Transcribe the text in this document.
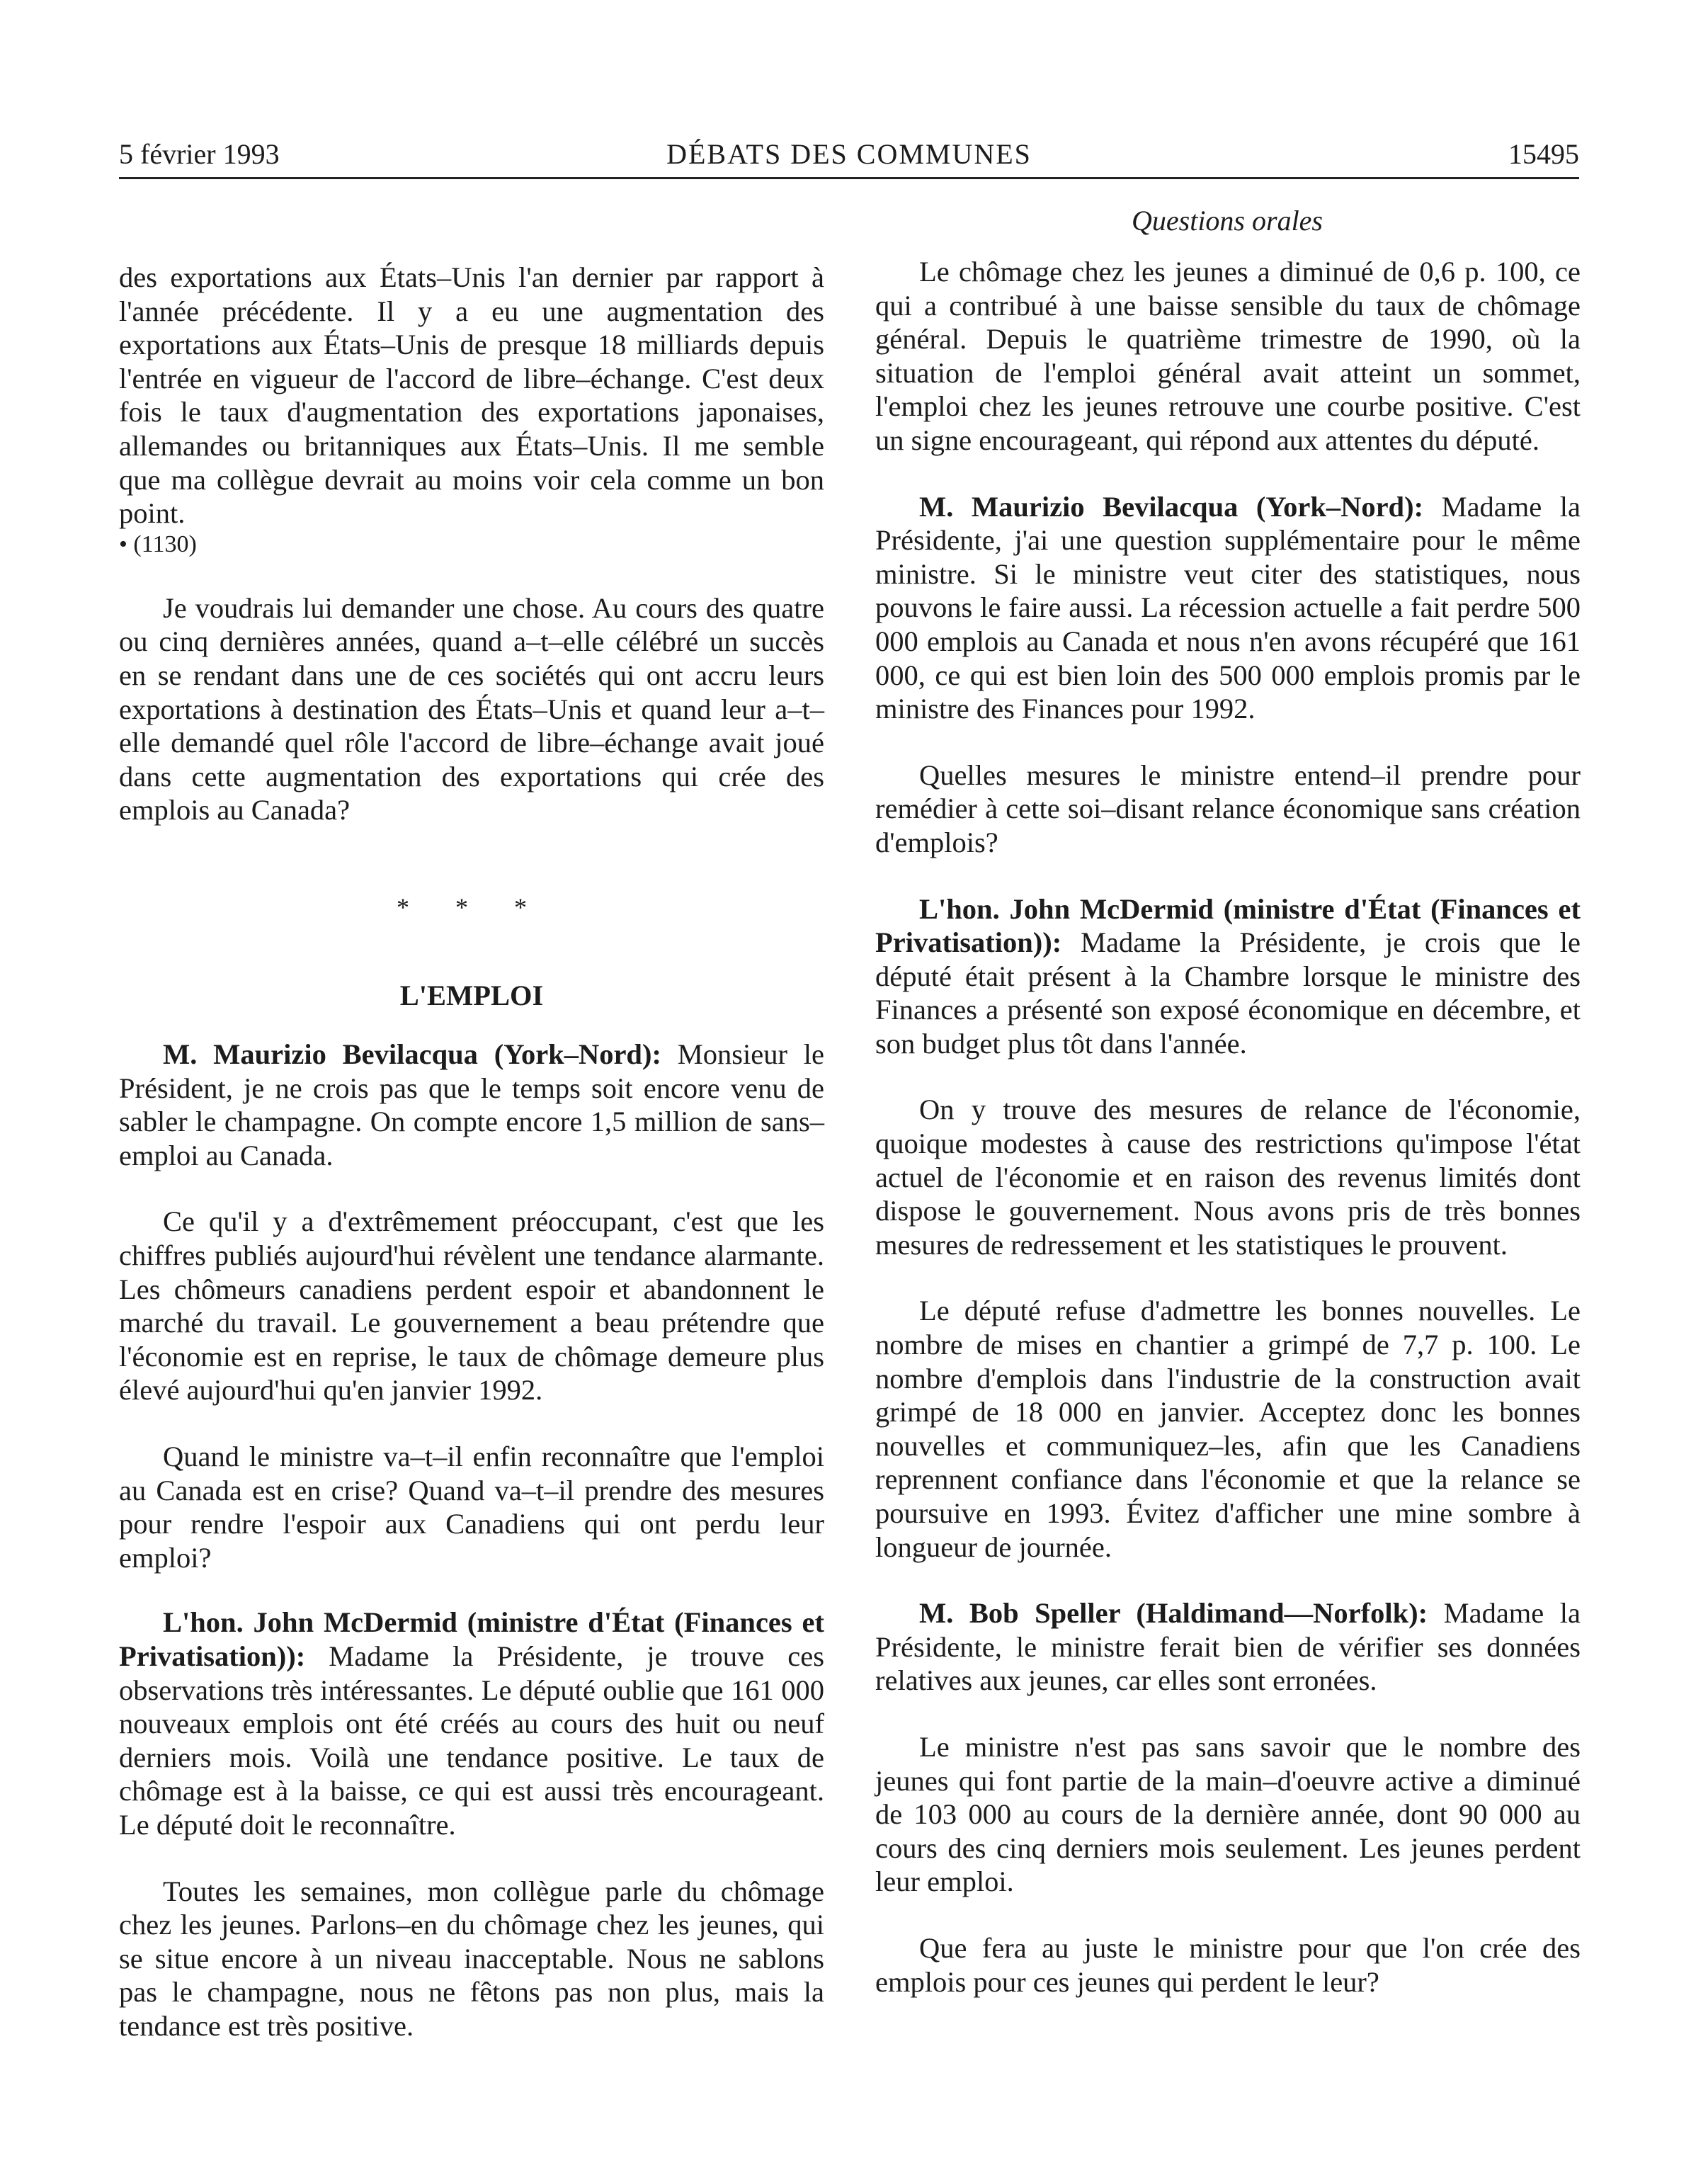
5 février 1993	DÉBATS DES COMMUNES	15495
Questions orales

des exportations aux États–Unis l'an dernier par rapport à l'année précédente. Il y a eu une augmentation des exportations aux États–Unis de presque 18 milliards depuis l'entrée en vigueur de l'accord de libre–échange. C'est deux fois le taux d'augmentation des exportations japonaises, allemandes ou britanniques aux États–Unis. Il me semble que ma collègue devrait au moins voir cela comme un bon point.

• (1130)

Je voudrais lui demander une chose. Au cours des quatre ou cinq dernières années, quand a–t–elle célébré un succès en se rendant dans une de ces sociétés qui ont accru leurs exportations à destination des États–Unis et quand leur a–t–elle demandé quel rôle l'accord de libre–échange avait joué dans cette augmentation des exportations qui crée des emplois au Canada?

* * *

L'EMPLOI

M. Maurizio Bevilacqua (York–Nord): Monsieur le Président, je ne crois pas que le temps soit encore venu de sabler le champagne. On compte encore 1,5 million de sans–emploi au Canada.

Ce qu'il y a d'extrêmement préoccupant, c'est que les chiffres publiés aujourd'hui révèlent une tendance alarmante. Les chômeurs canadiens perdent espoir et abandonnent le marché du travail. Le gouvernement a beau prétendre que l'économie est en reprise, le taux de chômage demeure plus élevé aujourd'hui qu'en janvier 1992.

Quand le ministre va–t–il enfin reconnaître que l'emploi au Canada est en crise? Quand va–t–il prendre des mesures pour rendre l'espoir aux Canadiens qui ont perdu leur emploi?

L'hon. John McDermid (ministre d'État (Finances et Privatisation)): Madame la Présidente, je trouve ces observations très intéressantes. Le député oublie que 161 000 nouveaux emplois ont été créés au cours des huit ou neuf derniers mois. Voilà une tendance positive. Le taux de chômage est à la baisse, ce qui est aussi très encourageant. Le député doit le reconnaître.

Toutes les semaines, mon collègue parle du chômage chez les jeunes. Parlons–en du chômage chez les jeunes, qui se situe encore à un niveau inacceptable. Nous ne sablons pas le champagne, nous ne fêtons pas non plus, mais la tendance est très positive.

Le chômage chez les jeunes a diminué de 0,6 p. 100, ce qui a contribué à une baisse sensible du taux de chômage général. Depuis le quatrième trimestre de 1990, où la situation de l'emploi général avait atteint un sommet, l'emploi chez les jeunes retrouve une courbe positive. C'est un signe encourageant, qui répond aux attentes du député.

M. Maurizio Bevilacqua (York–Nord): Madame la Présidente, j'ai une question supplémentaire pour le même ministre. Si le ministre veut citer des statistiques, nous pouvons le faire aussi. La récession actuelle a fait perdre 500 000 emplois au Canada et nous n'en avons récupéré que 161 000, ce qui est bien loin des 500 000 emplois promis par le ministre des Finances pour 1992.

Quelles mesures le ministre entend–il prendre pour remédier à cette soi–disant relance économique sans création d'emplois?

L'hon. John McDermid (ministre d'État (Finances et Privatisation)): Madame la Présidente, je crois que le député était présent à la Chambre lorsque le ministre des Finances a présenté son exposé économique en décembre, et son budget plus tôt dans l'année.

On y trouve des mesures de relance de l'économie, quoique modestes à cause des restrictions qu'impose l'état actuel de l'économie et en raison des revenus limités dont dispose le gouvernement. Nous avons pris de très bonnes mesures de redressement et les statistiques le prouvent.

Le député refuse d'admettre les bonnes nouvelles. Le nombre de mises en chantier a grimpé de 7,7 p. 100. Le nombre d'emplois dans l'industrie de la construction avait grimpé de 18 000 en janvier. Acceptez donc les bonnes nouvelles et communiquez–les, afin que les Canadiens reprennent confiance dans l'économie et que la relance se poursuive en 1993. Évitez d'afficher une mine sombre à longueur de journée.

M. Bob Speller (Haldimand—Norfolk): Madame la Présidente, le ministre ferait bien de vérifier ses données relatives aux jeunes, car elles sont erronées.

Le ministre n'est pas sans savoir que le nombre des jeunes qui font partie de la main–d'oeuvre active a diminué de 103 000 au cours de la dernière année, dont 90 000 au cours des cinq derniers mois seulement. Les jeunes perdent leur emploi.

Que fera au juste le ministre pour que l'on crée des emplois pour ces jeunes qui perdent le leur?
